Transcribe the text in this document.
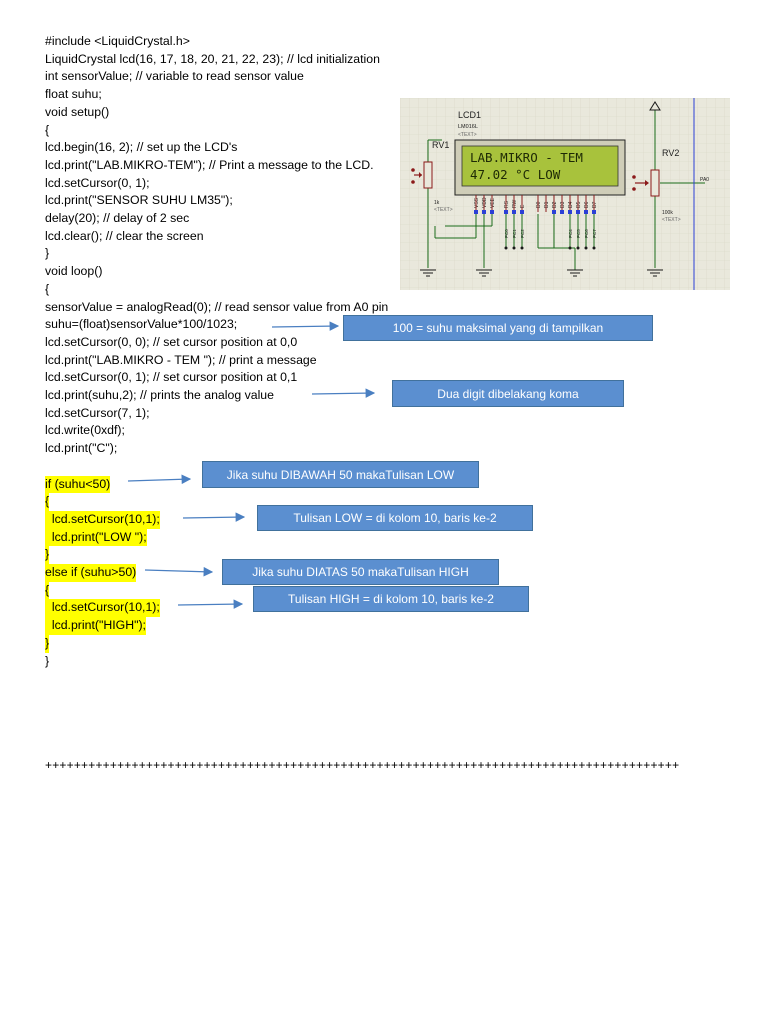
#include <LiquidCrystal.h>
LiquidCrystal lcd(16, 17, 18, 20, 21, 22, 23); // lcd initialization
int sensorValue; // variable to read sensor value
float suhu;
void setup()
{
lcd.begin(16, 2); // set up the LCD's
lcd.print("LAB.MIKRO-TEM"); // Print a message to the LCD.
lcd.setCursor(0, 1);
lcd.print("SENSOR SUHU LM35");
delay(20); // delay of 2 sec
lcd.clear(); // clear the screen
}
void loop()
{
sensorValue = analogRead(0); // read sensor value from A0 pin
suhu=(float)sensorValue*100/1023;
lcd.setCursor(0, 0); // set cursor position at 0,0
lcd.print("LAB.MIKRO - TEM "); // print a message
lcd.setCursor(0, 1); // set cursor position at 0,1
lcd.print(suhu,2); // prints the analog value
lcd.setCursor(7, 1);
lcd.write(0xdf);
lcd.print("C");
if (suhu<50)
{
lcd.setCursor(10,1);
lcd.print("LOW ");
}
else if (suhu>50)
{
lcd.setCursor(10,1);
lcd.print("HIGH");
}
}
100 = suhu maksimal yang di tampilkan
Dua digit dibelakang koma
Jika suhu DIBAWAH 50 makaTulisan LOW
Tulisan LOW = di kolom 10, baris ke-2
Jika suhu DIATAS 50 makaTulisan HIGH
Tulisan HIGH = di kolom 10, baris ke-2
++++++++++++++++++++++++++++++++++++++++++++++++++++++++++++++++++++++++++++++++++++++++
LCD1
LM016L
<TEXT>
LAB.MIKRO - TEM
47.02 °C LOW
VSS VDD VEE RS RW E D0 D1 D2 D3 D4 D5 D6 D7
PC0 PC1 PC2	PC4 PC5 PC6 PC7
RV1
1k
<TEXT>
RV2
PA0
100k
<TEXT>
